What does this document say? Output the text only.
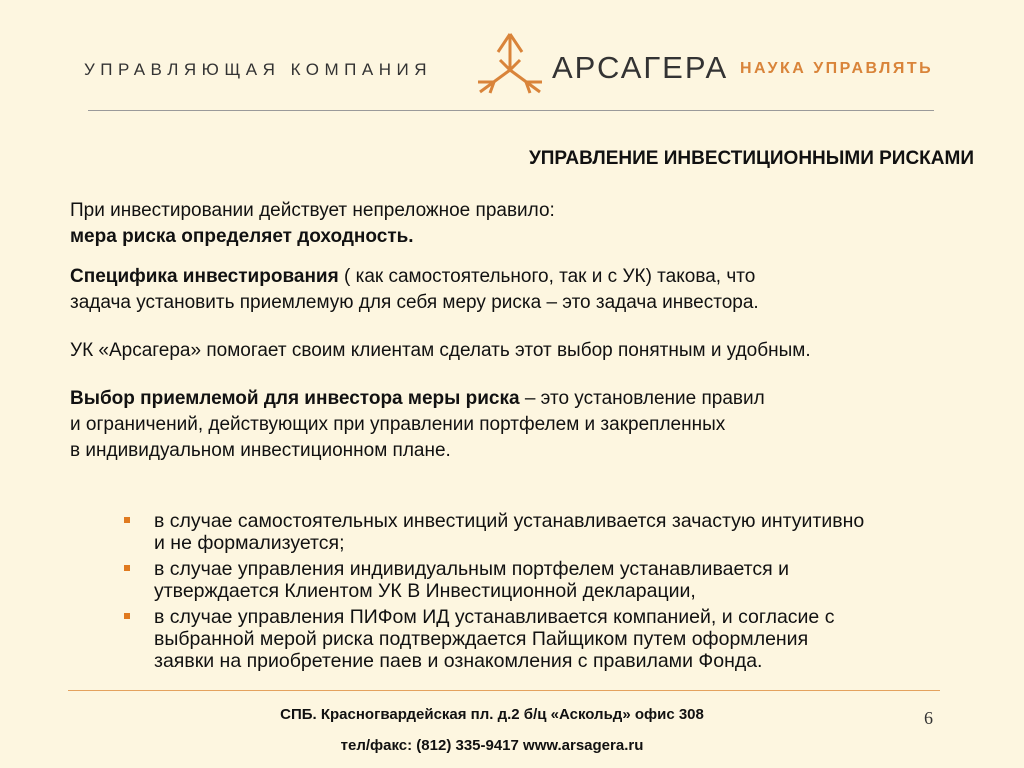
УПРАВЛЯЮЩАЯ КОМПАНИЯ	АРСАГЕРА НАУКА УПРАВЛЯТЬ
УПРАВЛЕНИЕ ИНВЕСТИЦИОННЫМИ РИСКАМИ

При инвестировании действует непреложное правило:
мера риска определяет доходность.

Специфика инвестирования ( как самостоятельного, так и с УК) такова, что
задача установить приемлемую для себя меру риска – это задача инвестора.

УК «Арсагера» помогает своим клиентам сделать этот выбор понятным и удобным.

Выбор приемлемой для инвестора меры риска – это установление правил
и ограничений, действующих при управлении портфелем и закрепленных
в индивидуальном инвестиционном плане.

в случае самостоятельных инвестиций устанавливается зачастую интуитивно
и не формализуется;
в случае управления индивидуальным портфелем устанавливается и
утверждается Клиентом УК В Инвестиционной декларации,
в случае управления ПИФом ИД устанавливается компанией, и согласие с
выбранной мерой риска подтверждается Пайщиком путем оформления
заявки на приобретение паев и ознакомления с правилами Фонда.
СПБ. Красногвардейская пл. д.2 б/ц «Аскольд» офис 308
тел/факс: (812) 335-9417 www.arsagera.ru
6
